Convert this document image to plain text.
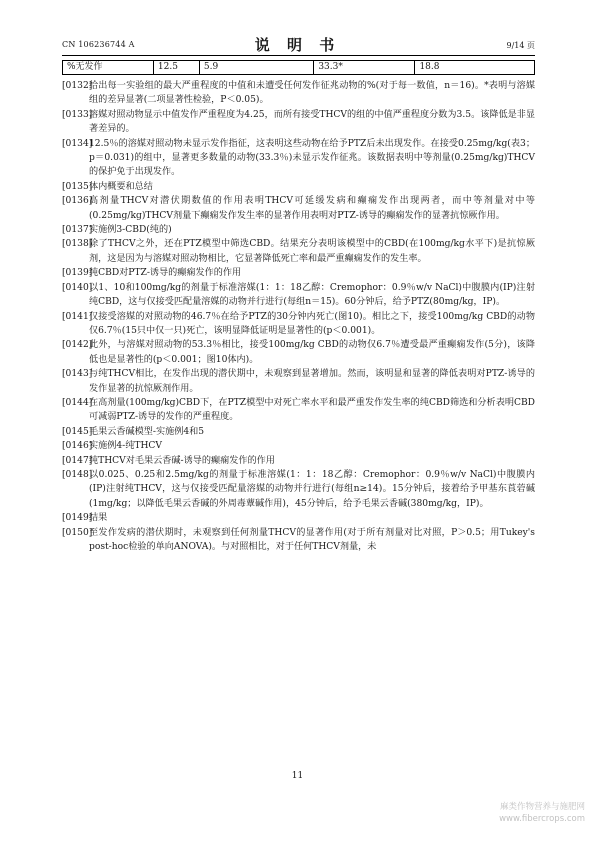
CN 106236744 A	说 明 书	9/14 页
%无发作	12.5	5.9	33.3*	18.8
[0132]
给出每一实验组的最大严重程度的中值和未遭受任何发作征兆动物的%(对于每一数值，n＝16)。*表明与溶媒组的差异显著(二项显著性检验，P＜0.05)。
[0133]
溶媒对照动物显示中值发作严重程度为4.25，而所有接受THCV的组的中值严重程度分数为3.5。该降低是非显著差异的。
[0134]
12.5％的溶媒对照动物未显示发作指征，这表明这些动物在给予PTZ后未出现发作。在接受0.25mg/kg(表3；p＝0.031)的组中，显著更多数量的动物(33.3％)未显示发作征兆。该数据表明中等剂量(0.25mg/kg)THCV的保护免于出现发作。
[0135]
体内概要和总结
[0136]
高剂量THCV对潜伏期数值的作用表明THCV可延缓发病和癫痫发作出现两者，而中等剂量对中等(0.25mg/kg)THCV剂量下癫痫发作发生率的显著作用表明对PTZ-诱导的癫痫发作的显著抗惊厥作用。
[0137]
实施例3-CBD(纯的)
[0138]
除了THCV之外，还在PTZ模型中筛选CBD。结果充分表明该模型中的CBD(在100mg/kg水平下)是抗惊厥剂，这是因为与溶媒对照动物相比，它显著降低死亡率和最严重癫痫发作的发生率。
[0139]
纯CBD对PTZ-诱导的癫痫发作的作用
[0140]
以1、10和100mg/kg的剂量于标准溶媒(1：1：18乙醇：Cremophor：0.9％w/v NaCl)中腹膜内(IP)注射纯CBD，这与仅接受匹配量溶媒的动物并行进行(每组n＝15)。60分钟后，给予PTZ(80mg/kg，IP)。
[0141]
仅接受溶媒的对照动物的46.7％在给予PTZ的30分钟内死亡(图10)。相比之下，接受100mg/kg CBD的动物仅6.7％(15只中仅一只)死亡，该明显降低证明是显著性的(p＜0.001)。
[0142]
此外，与溶媒对照动物的53.3％相比，接受100mg/kg CBD的动物仅6.7％遭受最严重癫痫发作(5分)，该降低也是显著性的(p＜0.001；图10体内)。
[0143]
与纯THCV相比，在发作出现的潜伏期中，未观察到显著增加。然而，该明显和显著的降低表明对PTZ-诱导的发作显著的抗惊厥剂作用。
[0144]
在高剂量(100mg/kg)CBD下，在PTZ模型中对死亡率水平和最严重发作发生率的纯CBD筛选和分析表明CBD可减弱PTZ-诱导的发作的严重程度。
[0145]
毛果云香碱模型-实施例4和5
[0146]
实施例4-纯THCV
[0147]
纯THCV对毛果云香碱-诱导的癫痫发作的作用
[0148]
以0.025、0.25和2.5mg/kg的剂量于标准溶媒(1：1：18乙醇：Cremophor：0.9％w/v NaCl)中腹膜内(IP)注射纯THCV，这与仅接受匹配量溶媒的动物并行进行(每组n≥14)。15分钟后，接着给予甲基东莨菪碱(1mg/kg；以降低毛果云香碱的外周毒蕈碱作用)，45分钟后，给予毛果云香碱(380mg/kg，IP)。
[0149]
结果
[0150]
至发作发病的潜伏期时，未观察到任何剂量THCV的显著作用(对于所有剂量对比对照，P＞0.5；用Tukey's post-hoc检验的单向ANOVA)。与对照相比，对于任何THCV剂量，未
11
麻类作物营养与施肥网
www.fibercrops.com
